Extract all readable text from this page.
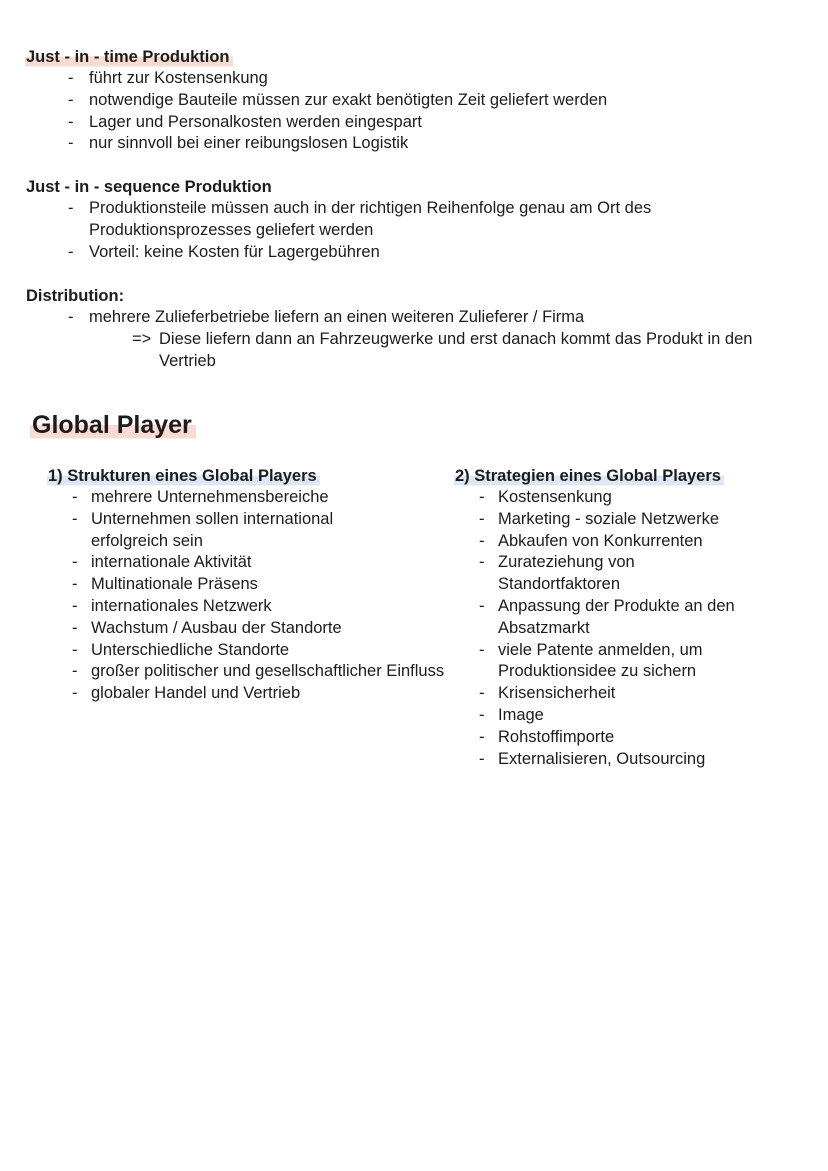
Just - in - time Produktion
- führt zur Kostensenkung
- notwendige Bauteile müssen zur exakt benötigten Zeit geliefert werden
- Lager und Personalkosten werden eingespart
- nur sinnvoll bei einer reibungslosen Logistik
Just - in - sequence Produktion
- Produktionsteile müssen auch in der richtigen Reihenfolge genau am Ort des Produktionsprozesses geliefert werden
- Vorteil: keine Kosten für Lagergebühren
Distribution:
- mehrere Zulieferbetriebe liefern an einen weiteren Zulieferer / Firma
=> Diese liefern dann an Fahrzeugwerke und erst danach kommt das Produkt in den Vertrieb
Global Player
1) Strukturen eines Global Players
- mehrere Unternehmensbereiche
- Unternehmen sollen international erfolgreich sein
- internationale Aktivität
- Multinationale Präsens
- internationales Netzwerk
- Wachstum / Ausbau der Standorte
- Unterschiedliche Standorte
- großer politischer und gesellschaftlicher Einfluss
- globaler Handel und Vertrieb
2) Strategien eines Global Players
- Kostensenkung
- Marketing - soziale Netzwerke
- Abkaufen von Konkurrenten
- Zurateziehung von Standortfaktoren
- Anpassung der Produkte an den Absatzmarkt
- viele Patente anmelden, um Produktionsidee zu sichern
- Krisensicherheit
- Image
- Rohstoffimporte
- Externalisieren, Outsourcing
